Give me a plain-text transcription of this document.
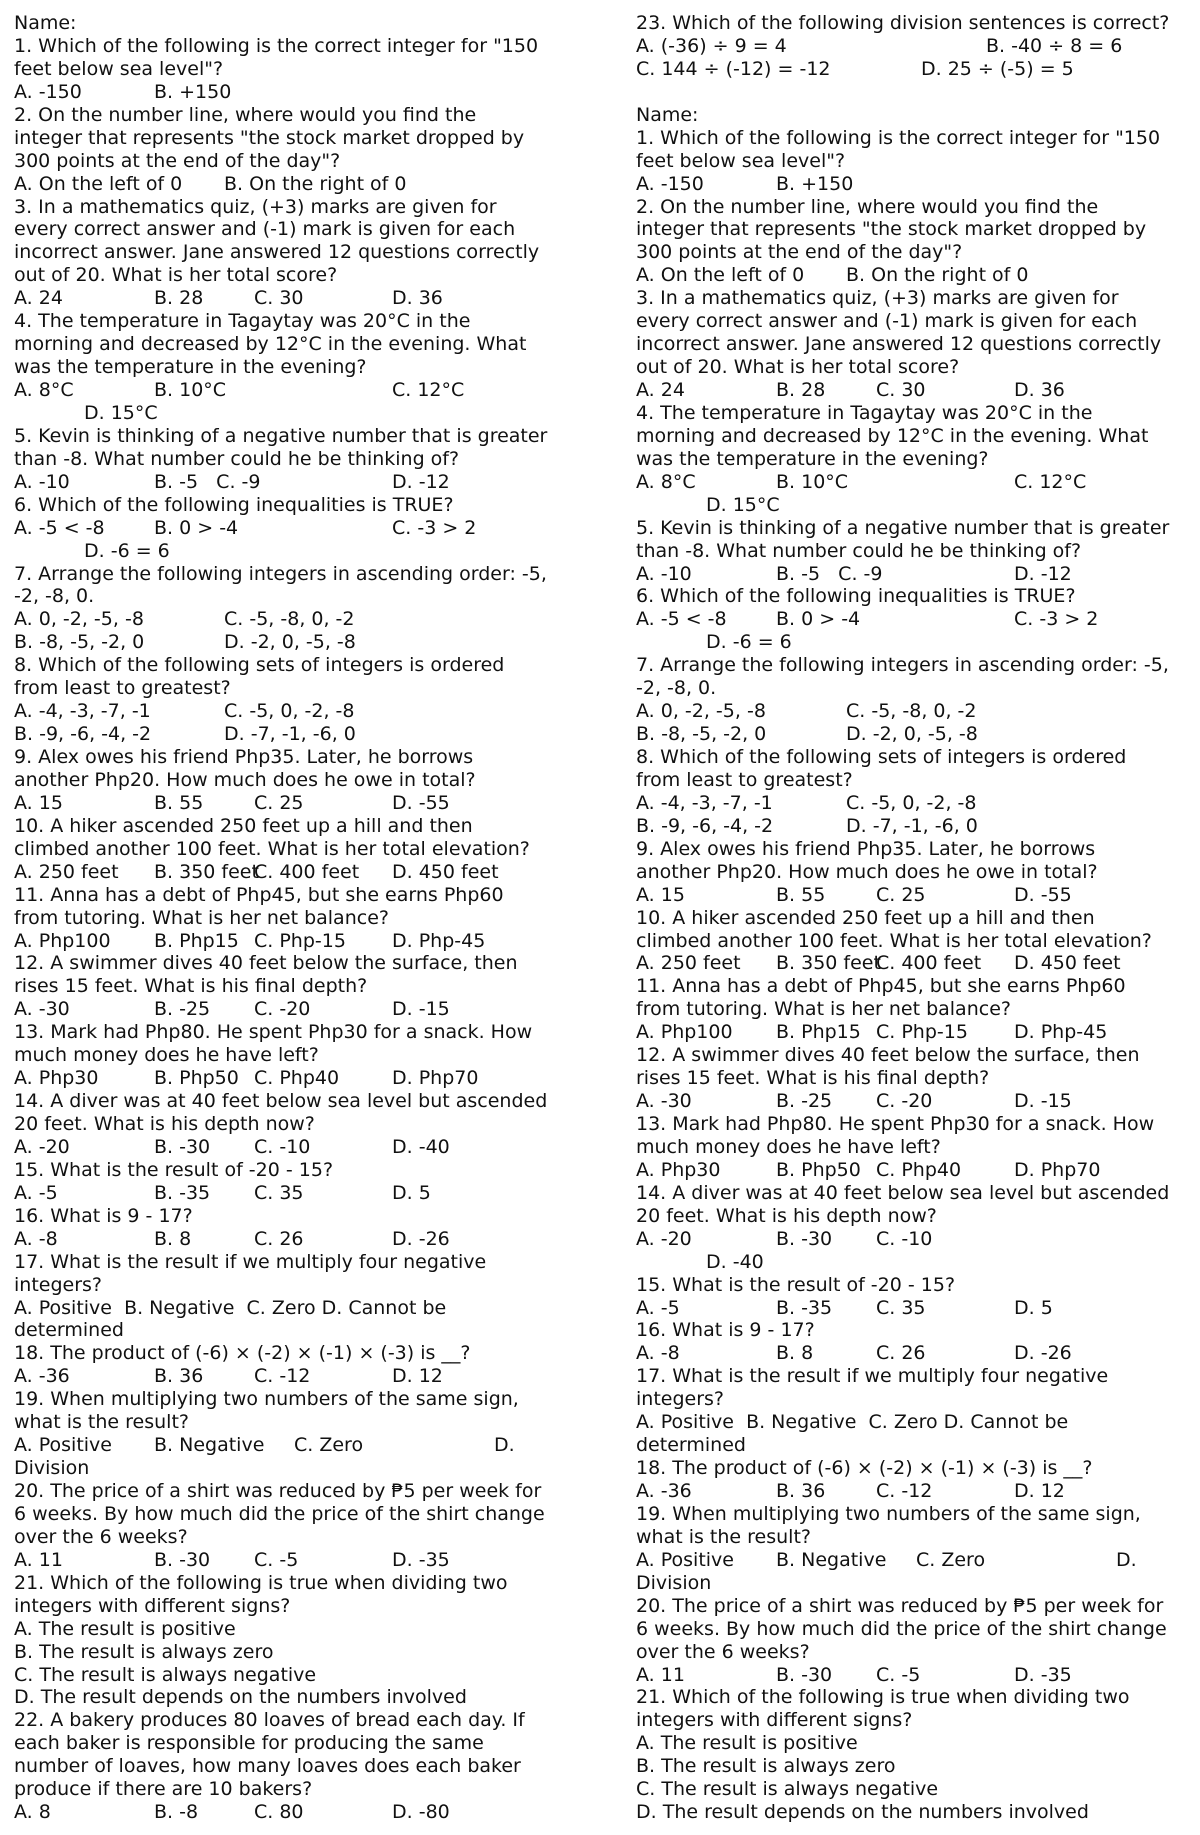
Name:
1. Which of the following is the correct integer for "150
feet below sea level"?
A. -150	B. +150
2. On the number line, where would you find the
integer that represents "the stock market dropped by
300 points at the end of the day"?
A. On the left of 0 B. On the right of 0
3. In a mathematics quiz, (+3) marks are given for
every correct answer and (-1) mark is given for each
incorrect answer. Jane answered 12 questions correctly
out of 20. What is her total score?
A. 24	B. 28	C. 30	D. 36
4. The temperature in Tagaytay was 20°C in the
morning and decreased by 12°C in the evening. What
was the temperature in the evening?
A. 8°C	B. 10°C	C. 12°C
D. 15°C
5. Kevin is thinking of a negative number that is greater
than -8. What number could he be thinking of?
A. -10	B. -5   C. -9	D. -12
6. Which of the following inequalities is TRUE?
A. -5 < -8	B. 0 > -4	C. -3 > 2
D. -6 = 6
7. Arrange the following integers in ascending order: -5,
-2, -8, 0.
A. 0, -2, -5, -8	C. -5, -8, 0, -2
B. -8, -5, -2, 0	D. -2, 0, -5, -8
8. Which of the following sets of integers is ordered
from least to greatest?
A. -4, -3, -7, -1	C. -5, 0, -2, -8
B. -9, -6, -4, -2	D. -7, -1, -6, 0
9. Alex owes his friend Php35. Later, he borrows
another Php20. How much does he owe in total?
A. 15	B. 55	C. 25	D. -55
10. A hiker ascended 250 feet up a hill and then
climbed another 100 feet. What is her total elevation?
A. 250 feet B. 350 feet
C. 400 feet D. 450 feet
11. Anna has a debt of Php45, but she earns Php60
from tutoring. What is her net balance?
A. Php100 B. Php15 C. Php-15 D. Php-45
12. A swimmer dives 40 feet below the surface, then
rises 15 feet. What is his final depth?
A. -30	B. -25 C. -20	D. -15
13. Mark had Php80. He spent Php30 for a snack. How
much money does he have left?
A. Php30	B. Php50 C. Php40	D. Php70
14. A diver was at 40 feet below sea level but ascended
20 feet. What is his depth now?
A. -20	B. -30 C. -10	D. -40
15. What is the result of -20 - 15?
A. -5	B. -35 C. 35	D. 5
16. What is 9 - 17?
A. -8	B. 8	C. 26	D. -26
17. What is the result if we multiply four negative
integers?
A. Positive  B. Negative  C. Zero D. Cannot be
determined
18. The product of (-6) × (-2) × (-1) × (-3) is __?
A. -36	B. 36	C. -12	D. 12
19. When multiplying two numbers of the same sign,
what is the result?
A. Positive B. Negative C. Zero	D.
Division
20. The price of a shirt was reduced by ₱5 per week for
6 weeks. By how much did the price of the shirt change
over the 6 weeks?
A. 11	B. -30 C. -5	D. -35
21. Which of the following is true when dividing two
integers with different signs?
A. The result is positive
B. The result is always zero
C. The result is always negative
D. The result depends on the numbers involved
22. A bakery produces 80 loaves of bread each day. If
each baker is responsible for producing the same
number of loaves, how many loaves does each baker
produce if there are 10 bakers?
A. 8	B. -8	C. 80	D. -80
23. Which of the following division sentences is correct?
A. (-36) ÷ 9 = 4	B. -40 ÷ 8 = 6
C. 144 ÷ (-12) = -12	D. 25 ÷ (-5) = 5
Name:
1. Which of the following is the correct integer for "150
feet below sea level"?
A. -150	B. +150
2. On the number line, where would you find the
integer that represents "the stock market dropped by
300 points at the end of the day"?
A. On the left of 0 B. On the right of 0
3. In a mathematics quiz, (+3) marks are given for
every correct answer and (-1) mark is given for each
incorrect answer. Jane answered 12 questions correctly
out of 20. What is her total score?
A. 24	B. 28	C. 30	D. 36
4. The temperature in Tagaytay was 20°C in the
morning and decreased by 12°C in the evening. What
was the temperature in the evening?
A. 8°C	B. 10°C	C. 12°C
D. 15°C
5. Kevin is thinking of a negative number that is greater
than -8. What number could he be thinking of?
A. -10	B. -5   C. -9	D. -12
6. Which of the following inequalities is TRUE?
A. -5 < -8	B. 0 > -4	C. -3 > 2
D. -6 = 6
7. Arrange the following integers in ascending order: -5,
-2, -8, 0.
A. 0, -2, -5, -8	C. -5, -8, 0, -2
B. -8, -5, -2, 0	D. -2, 0, -5, -8
8. Which of the following sets of integers is ordered
from least to greatest?
A. -4, -3, -7, -1	C. -5, 0, -2, -8
B. -9, -6, -4, -2	D. -7, -1, -6, 0
9. Alex owes his friend Php35. Later, he borrows
another Php20. How much does he owe in total?
A. 15	B. 55	C. 25	D. -55
10. A hiker ascended 250 feet up a hill and then
climbed another 100 feet. What is her total elevation?
A. 250 feet B. 350 feet
C. 400 feet D. 450 feet
11. Anna has a debt of Php45, but she earns Php60
from tutoring. What is her net balance?
A. Php100 B. Php15 C. Php-15 D. Php-45
12. A swimmer dives 40 feet below the surface, then
rises 15 feet. What is his final depth?
A. -30	B. -25 C. -20	D. -15
13. Mark had Php80. He spent Php30 for a snack. How
much money does he have left?
A. Php30	B. Php50 C. Php40	D. Php70
14. A diver was at 40 feet below sea level but ascended
20 feet. What is his depth now?
A. -20	B. -30 C. -10
D. -40
15. What is the result of -20 - 15?
A. -5	B. -35 C. 35	D. 5
16. What is 9 - 17?
A. -8	B. 8	C. 26	D. -26
17. What is the result if we multiply four negative
integers?
A. Positive  B. Negative  C. Zero D. Cannot be
determined
18. The product of (-6) × (-2) × (-1) × (-3) is __?
A. -36	B. 36	C. -12	D. 12
19. When multiplying two numbers of the same sign,
what is the result?
A. Positive B. Negative C. Zero	D.
Division
20. The price of a shirt was reduced by ₱5 per week for
6 weeks. By how much did the price of the shirt change
over the 6 weeks?
A. 11	B. -30 C. -5	D. -35
21. Which of the following is true when dividing two
integers with different signs?
A. The result is positive
B. The result is always zero
C. The result is always negative
D. The result depends on the numbers involved
